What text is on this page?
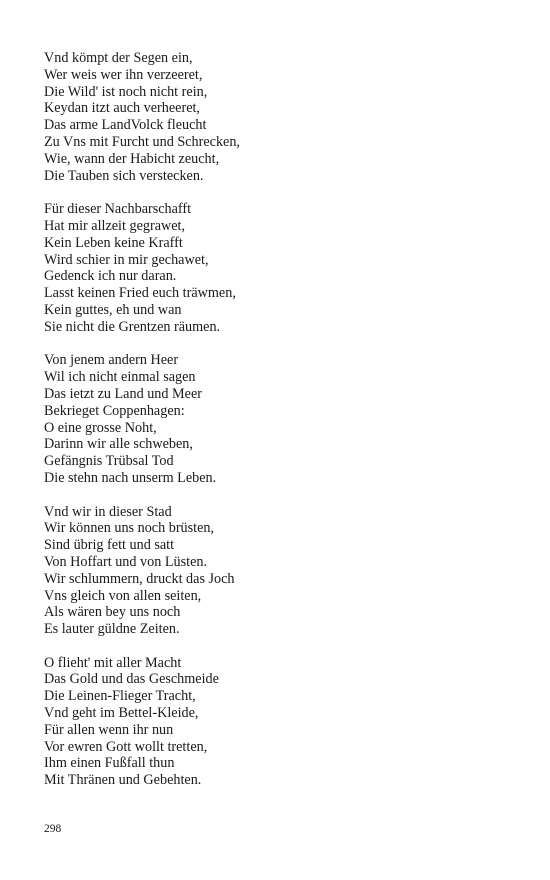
Vnd kömpt der Segen ein,
Wer weis wer ihn verzeeret,
Die Wild' ist noch nicht rein,
Keydan itzt auch verheeret,
Das arme LandVolck fleucht
Zu Vns mit Furcht und Schrecken,
Wie, wann der Habicht zeucht,
Die Tauben sich verstecken.
Für dieser Nachbarschafft
Hat mir allzeit gegrawet,
Kein Leben keine Krafft
Wird schier in mir gechawet,
Gedenck ich nur daran.
Lasst keinen Fried euch träwmen,
Kein guttes, eh und wan
Sie nicht die Grentzen räumen.
Von jenem andern Heer
Wil ich nicht einmal sagen
Das ietzt zu Land und Meer
Bekrieget Coppenhagen:
O eine grosse Noht,
Darinn wir alle schweben,
Gefängnis Trübsal Tod
Die stehn nach unserm Leben.
Vnd wir in dieser Stad
Wir können uns noch brüsten,
Sind übrig fett und satt
Von Hoffart und von Lüsten.
Wir schlummern, druckt das Joch
Vns gleich von allen seiten,
Als wären bey uns noch
Es lauter güldne Zeiten.
O flieht' mit aller Macht
Das Gold und das Geschmeide
Die Leinen-Flieger Tracht,
Vnd geht im Bettel-Kleide,
Für allen wenn ihr nun
Vor ewren Gott wollt tretten,
Ihm einen Fußfall thun
Mit Thränen und Gebehten.
298
